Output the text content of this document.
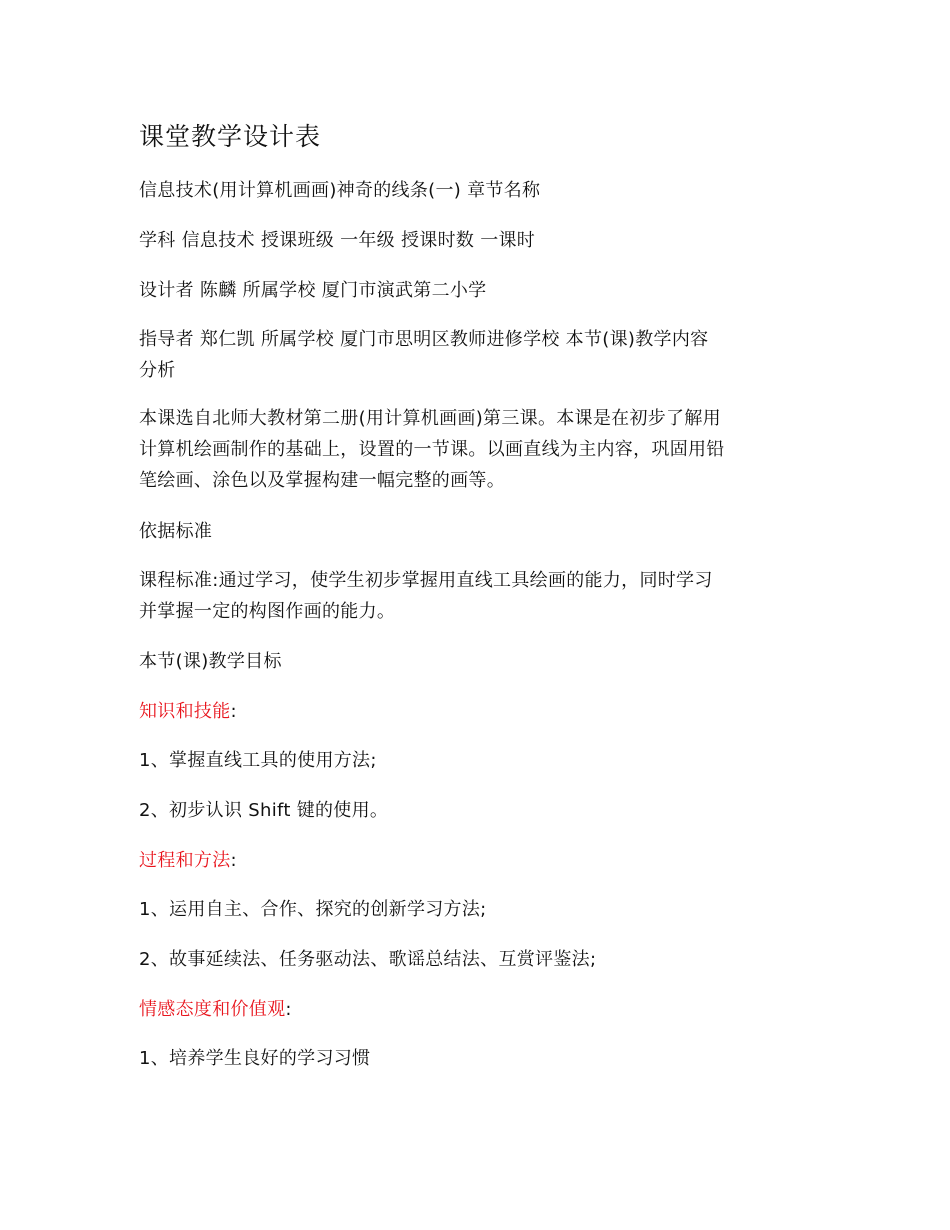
课堂教学设计表

信息技术(用计算机画画)神奇的线条(一) 章节名称

学科 信息技术 授课班级 一年级 授课时数 一课时

设计者 陈麟 所属学校 厦门市演武第二小学

指导者 郑仁凯 所属学校 厦门市思明区教师进修学校 本节(课)教学内容
分析
本课选自北师大教材第二册(用计算机画画)第三课。本课是在初步了解用
计算机绘画制作的基础上，设置的一节课。以画直线为主内容，巩固用铅
笔绘画、涂色以及掌握构建一幅完整的画等。

依据标准

课程标准:通过学习，使学生初步掌握用直线工具绘画的能力，同时学习
并掌握一定的构图作画的能力。

本节(课)教学目标

知识和技能:

1、掌握直线工具的使用方法;

2、初步认识 Shift 键的使用。

过程和方法:

1、运用自主、合作、探究的创新学习方法;

2、故事延续法、任务驱动法、歌谣总结法、互赏评鉴法;

情感态度和价值观:

1、培养学生良好的学习习惯
